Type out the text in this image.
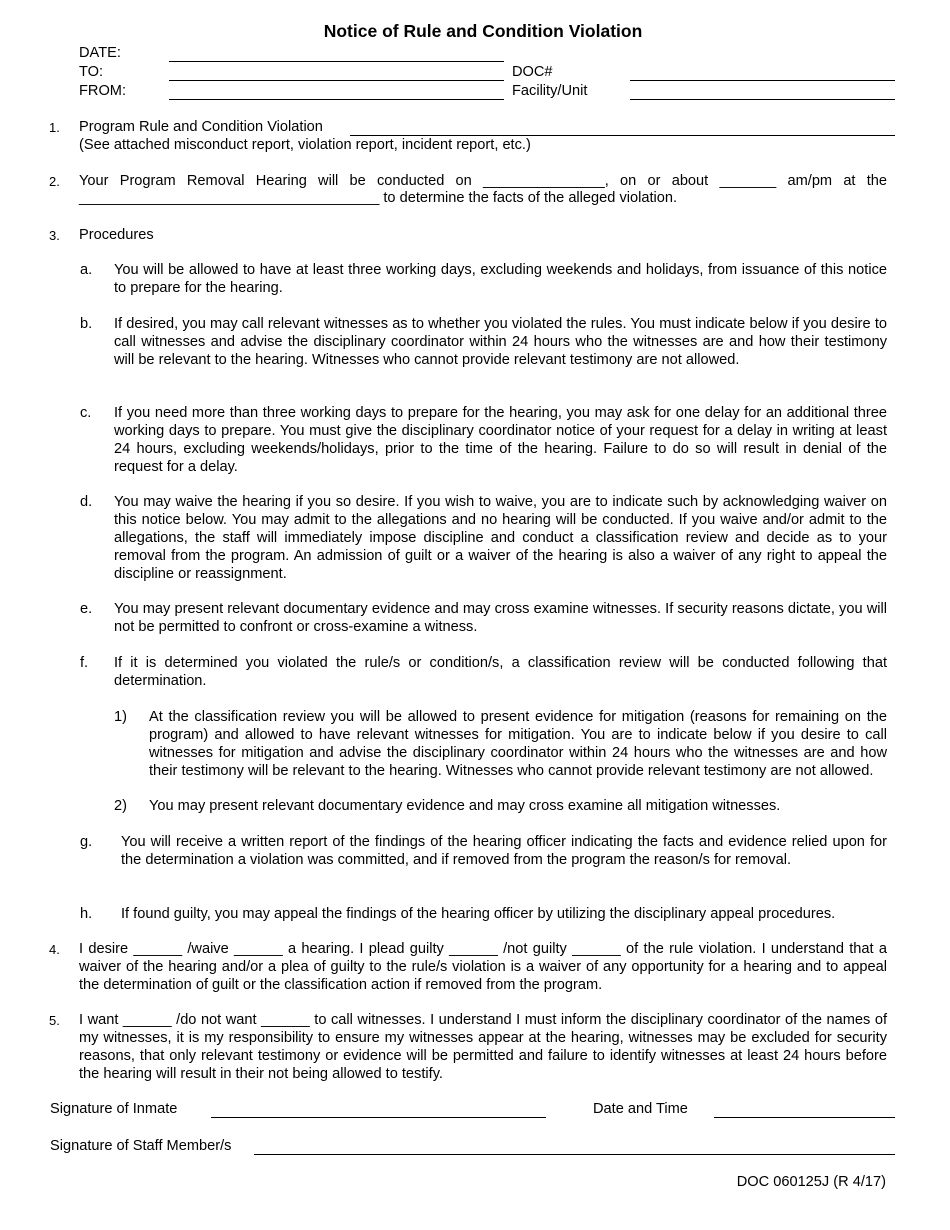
Notice of Rule and Condition Violation
DATE:
TO:
FROM:
DOC#
Facility/Unit
1. Program Rule and Condition Violation
(See attached misconduct report, violation report, incident report, etc.)
2. Your Program Removal Hearing will be conducted on _______________, on or about _______ am/pm at the
_____________________________________ to determine the facts of the alleged violation.
3. Procedures
a. You will be allowed to have at least three working days, excluding weekends and holidays, from issuance of this notice to prepare for the hearing.
b. If desired, you may call relevant witnesses as to whether you violated the rules. You must indicate below if you desire to call witnesses and advise the disciplinary coordinator within 24 hours who the witnesses are and how their testimony will be relevant to the hearing. Witnesses who cannot provide relevant testimony are not allowed.
c. If you need more than three working days to prepare for the hearing, you may ask for one delay for an additional three working days to prepare. You must give the disciplinary coordinator notice of your request for a delay in writing at least 24 hours, excluding weekends/holidays, prior to the time of the hearing. Failure to do so will result in denial of the request for a delay.
d. You may waive the hearing if you so desire. If you wish to waive, you are to indicate such by acknowledging waiver on this notice below. You may admit to the allegations and no hearing will be conducted. If you waive and/or admit to the allegations, the staff will immediately impose discipline and conduct a classification review and decide as to your removal from the program. An admission of guilt or a waiver of the hearing is also a waiver of any right to appeal the discipline or reassignment.
e. You may present relevant documentary evidence and may cross examine witnesses. If security reasons dictate, you will not be permitted to confront or cross-examine a witness.
f. If it is determined you violated the rule/s or condition/s, a classification review will be conducted following that determination.
1) At the classification review you will be allowed to present evidence for mitigation (reasons for remaining on the program) and allowed to have relevant witnesses for mitigation. You are to indicate below if you desire to call witnesses for mitigation and advise the disciplinary coordinator within 24 hours who the witnesses are and how their testimony will be relevant to the hearing. Witnesses who cannot provide relevant testimony are not allowed.
2) You may present relevant documentary evidence and may cross examine all mitigation witnesses.
g. You will receive a written report of the findings of the hearing officer indicating the facts and evidence relied upon for the determination a violation was committed, and if removed from the program the reason/s for removal.
h. If found guilty, you may appeal the findings of the hearing officer by utilizing the disciplinary appeal procedures.
4. I desire ______ /waive ______ a hearing. I plead guilty ______ /not guilty ______ of the rule violation. I understand that a waiver of the hearing and/or a plea of guilty to the rule/s violation is a waiver of any opportunity for a hearing and to appeal the determination of guilt or the classification action if removed from the program.
5. I want ______ /do not want ______ to call witnesses. I understand I must inform the disciplinary coordinator of the names of my witnesses, it is my responsibility to ensure my witnesses appear at the hearing, witnesses may be excluded for security reasons, that only relevant testimony or evidence will be permitted and failure to identify witnesses at least 24 hours before the hearing will result in their not being allowed to testify.
Signature of Inmate	Date and Time
Signature of Staff Member/s
DOC 060125J (R 4/17)
